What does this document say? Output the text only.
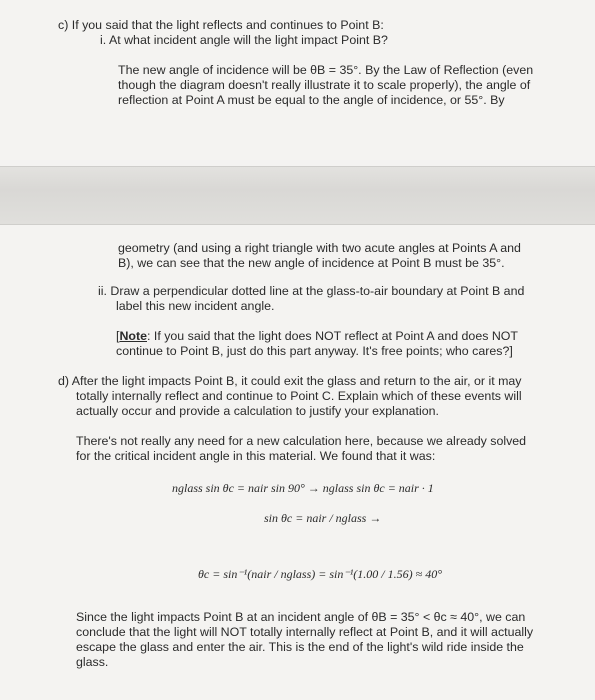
c) If you said that the light reflects and continues to Point B:
i. At what incident angle will the light impact Point B?
The new angle of incidence will be θB = 35°. By the Law of Reflection (even
though the diagram doesn't really illustrate it to scale properly), the angle of
reflection at Point A must be equal to the angle of incidence, or 55°. By
geometry (and using a right triangle with two acute angles at Points A and
B), we can see that the new angle of incidence at Point B must be 35°.
ii. Draw a perpendicular dotted line at the glass-to-air boundary at Point B and
label this new incident angle.
[Note: If you said that the light does NOT reflect at Point A and does NOT
continue to Point B, just do this part anyway. It's free points; who cares?]
d) After the light impacts Point B, it could exit the glass and return to the air, or it may
totally internally reflect and continue to Point C. Explain which of these events will
actually occur and provide a calculation to justify your explanation.
There's not really any need for a new calculation here, because we already solved
for the critical incident angle in this material. We found that it was:
nglass sin θc = nair sin 90° → nglass sin θc = nair · 1
sin θc = nair / nglass →
θc = sin⁻¹(nair / nglass) = sin⁻¹(1.00 / 1.56) ≈ 40°
Since the light impacts Point B at an incident angle of θB = 35° < θc ≈ 40°, we can
conclude that the light will NOT totally internally reflect at Point B, and it will actually
escape the glass and enter the air. This is the end of the light's wild ride inside the
glass.
